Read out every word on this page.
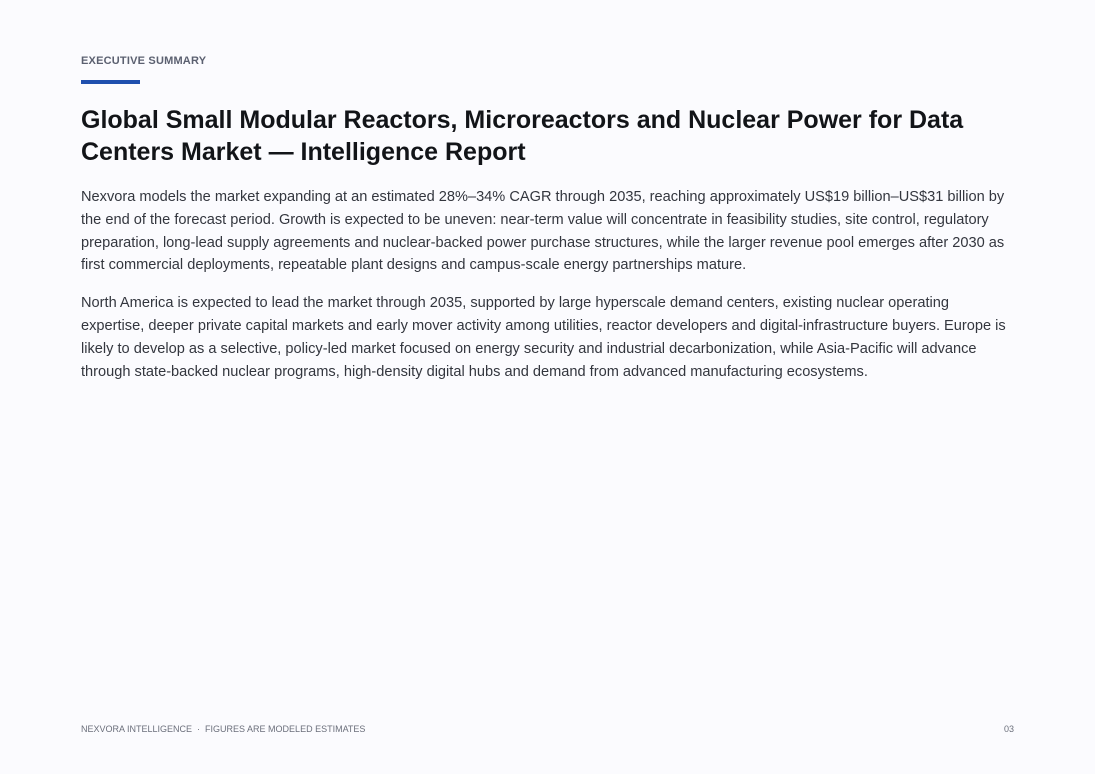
EXECUTIVE SUMMARY
Global Small Modular Reactors, Microreactors and Nuclear Power for Data Centers Market — Intelligence Report

Nexvora models the market expanding at an estimated 28%–34% CAGR through 2035, reaching approximately US$19 billion–US$31 billion by the end of the forecast period. Growth is expected to be uneven: near-term value will concentrate in feasibility studies, site control, regulatory preparation, long-lead supply agreements and nuclear-backed power purchase structures, while the larger revenue pool emerges after 2030 as first commercial deployments, repeatable plant designs and campus-scale energy partnerships mature.

North America is expected to lead the market through 2035, supported by large hyperscale demand centers, existing nuclear operating expertise, deeper private capital markets and early mover activity among utilities, reactor developers and digital-infrastructure buyers. Europe is likely to develop as a selective, policy-led market focused on energy security and industrial decarbonization, while Asia-Pacific will advance through state-backed nuclear programs, high-density digital hubs and demand from advanced manufacturing ecosystems.

NEXVORA INTELLIGENCE · FIGURES ARE MODELED ESTIMATES	03
